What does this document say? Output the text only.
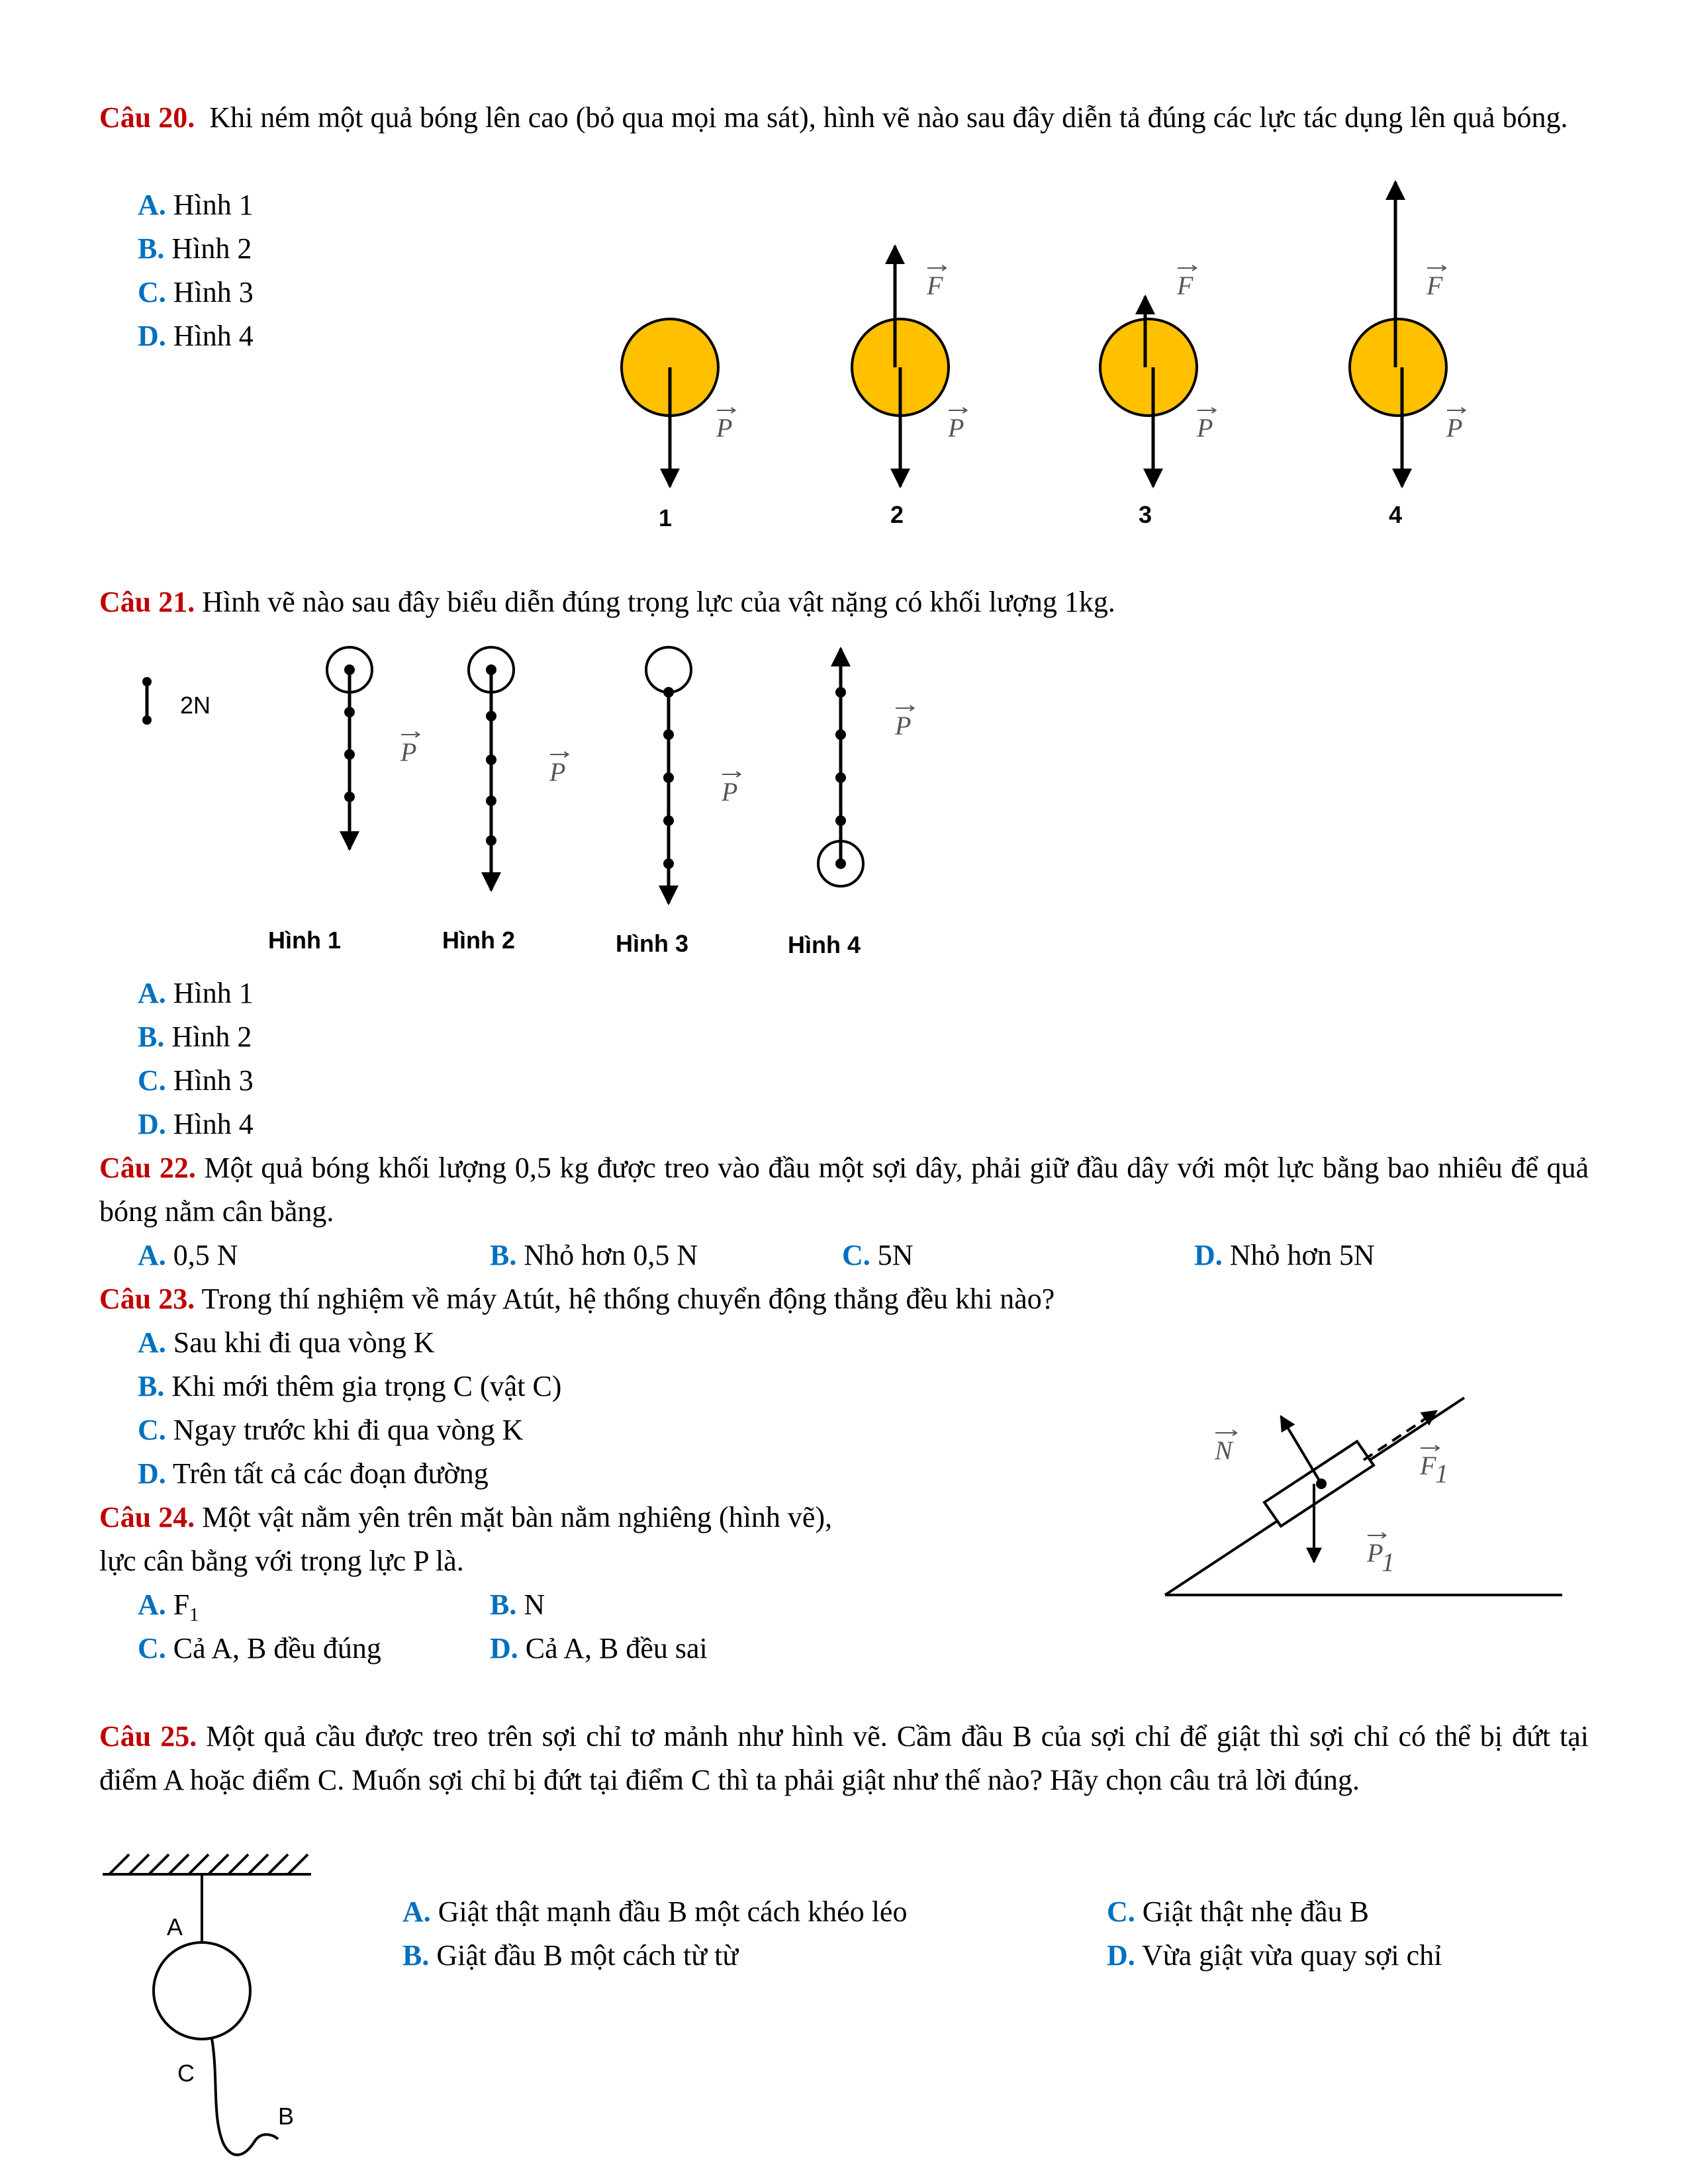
Câu 20. Khi ném một quả bóng lên cao (bỏ qua mọi ma sát), hình vẽ nào sau đây diễn tả đúng các lực tác dụng lên quả bóng.
A. Hình 1
B. Hình 2
C. Hình 3
D. Hình 4
P
1
F
P
2
F
P
3
F
P
4
Câu 21. Hình vẽ nào sau đây biểu diễn đúng trọng lực của vật nặng có khối lượng 1kg.
2N
P
Hình 1
P
Hình 2
P
Hình 3
P
Hình 4
A. Hình 1
B. Hình 2
C. Hình 3
D. Hình 4
Câu 22. Một quả bóng khối lượng 0,5 kg được treo vào đầu một sợi dây, phải giữ đầu dây với một lực bằng bao nhiêu để quả bóng nằm cân bằng.
A. 0,5 N	B. Nhỏ hơn 0,5 N	C. 5N	D. Nhỏ hơn 5N
Câu 23. Trong thí nghiệm về máy Atút, hệ thống chuyển động thẳng đều khi nào?
A. Sau khi đi qua vòng K
B. Khi mới thêm gia trọng C (vật C)
C. Ngay trước khi đi qua vòng K
D. Trên tất cả các đoạn đường
Câu 24. Một vật nằm yên trên mặt bàn nằm nghiêng (hình vẽ),
lực cân bằng với trọng lực P là.
A. $F_1$	B. N
C. Cả A, B đều đúng	D. Cả A, B đều sai
N
F
1
P
1
Câu 25. Một quả cầu được treo trên sợi chỉ tơ mảnh như hình vẽ. Cầm đầu B của sợi chỉ để giật thì sợi chỉ có thể bị đứt tại điểm A hoặc điểm C. Muốn sợi chỉ bị đứt tại điểm C thì ta phải giật như thế nào? Hãy chọn câu trả lời đúng.
A
C
B
A. Giật thật mạnh đầu B một cách khéo léo
B. Giật đầu B một cách từ từ
C. Giật thật nhẹ đầu B
D. Vừa giật vừa quay sợi chỉ
